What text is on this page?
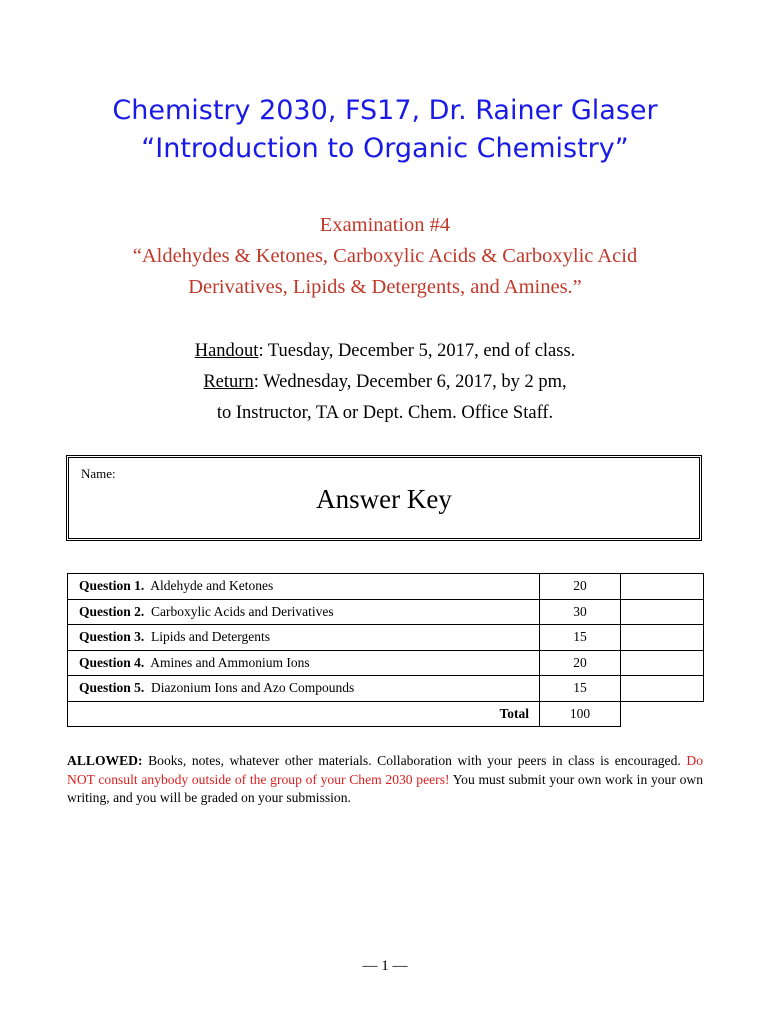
Chemistry 2030, FS17, Dr. Rainer Glaser
“Introduction to Organic Chemistry”
Examination #4
“Aldehydes & Ketones, Carboxylic Acids & Carboxylic Acid
Derivatives, Lipids & Detergents, and Amines.”
Handout: Tuesday, December 5, 2017, end of class.
Return: Wednesday, December 6, 2017, by 2 pm,
to Instructor, TA or Dept. Chem. Office Staff.
Name:
Answer Key
Question 1. Aldehyde and Ketones	20	
Question 2. Carboxylic Acids and Derivatives	30	
Question 3. Lipids and Detergents	15	
Question 4. Amines and Ammonium Ions	20	
Question 5. Diazonium Ions and Azo Compounds	15	
Total	100	
ALLOWED: Books, notes, whatever other materials. Collaboration with your peers in class is encouraged. Do NOT consult anybody outside of the group of your Chem 2030 peers! You must submit your own work in your own writing, and you will be graded on your submission.
— 1 —
